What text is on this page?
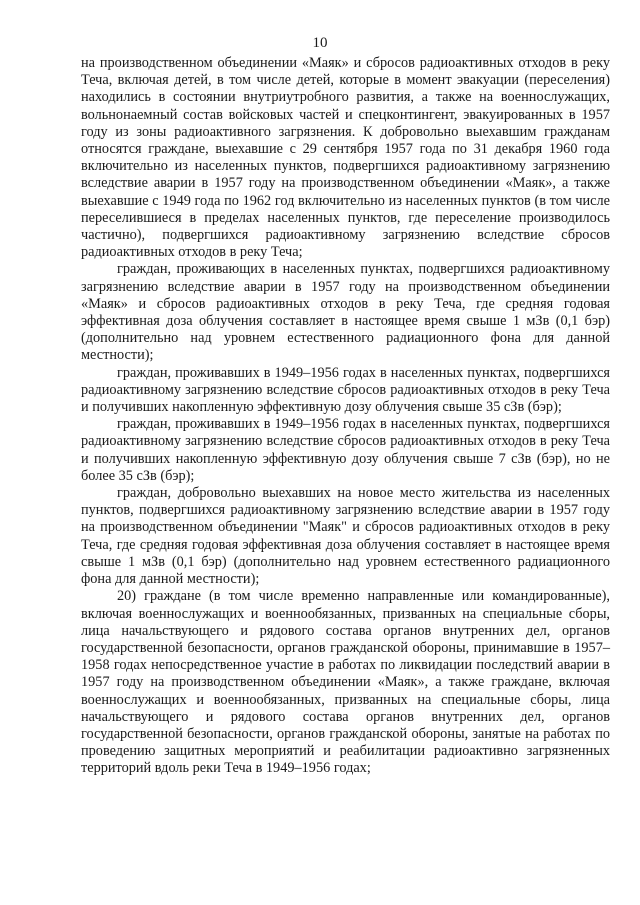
10

на производственном объединении «Маяк» и сбросов радиоактивных отходов в реку Теча, включая детей, в том числе детей, которые в момент эвакуации (переселения) находились в состоянии внутриутробного развития, а также на военнослужащих, вольнонаемный состав войсковых частей и спецконтингент, эвакуированных в 1957 году из зоны радиоактивного загрязнения. К добровольно выехавшим гражданам относятся граждане, выехавшие с 29 сентября 1957 года по 31 декабря 1960 года включительно из населенных пунктов, подвергшихся радиоактивному загрязнению вследствие аварии в 1957 году на производственном объединении «Маяк», а также выехавшие с 1949 года по 1962 год включительно из населенных пунктов (в том числе переселившиеся в пределах населенных пунктов, где переселение производилось частично), подвергшихся радиоактивному загрязнению вследствие сбросов радиоактивных отходов в реку Теча;

граждан, проживающих в населенных пунктах, подвергшихся радиоактивному загрязнению вследствие аварии в 1957 году на производственном объединении «Маяк» и сбросов радиоактивных отходов в реку Теча, где средняя годовая эффективная доза облучения составляет в настоящее время свыше 1 мЗв (0,1 бэр) (дополнительно над уровнем естественного радиационного фона для данной местности);

граждан, проживавших в 1949–1956 годах в населенных пунктах, подвергшихся радиоактивному загрязнению вследствие сбросов радиоактивных отходов в реку Теча и получивших накопленную эффективную дозу облучения свыше 35 сЗв (бэр);

граждан, проживавших в 1949–1956 годах в населенных пунктах, подвергшихся радиоактивному загрязнению вследствие сбросов радиоактивных отходов в реку Теча и получивших накопленную эффективную дозу облучения свыше 7 сЗв (бэр), но не более 35 сЗв (бэр);

граждан, добровольно выехавших на новое место жительства из населенных пунктов, подвергшихся радиоактивному загрязнению вследствие аварии в 1957 году на производственном объединении "Маяк" и сбросов радиоактивных отходов в реку Теча, где средняя годовая эффективная доза облучения составляет в настоящее время свыше 1 мЗв (0,1 бэр) (дополнительно над уровнем естественного радиационного фона для данной местности);

20) граждане (в том числе временно направленные или командированные), включая военнослужащих и военнообязанных, призванных на специальные сборы, лица начальствующего и рядового состава органов внутренних дел, органов государственной безопасности, органов гражданской обороны, принимавшие в 1957–1958 годах непосредственное участие в работах по ликвидации последствий аварии в 1957 году на производственном объединении «Маяк», а также граждане, включая военнослужащих и военнообязанных, призванных на специальные сборы, лица начальствующего и рядового состава органов внутренних дел, органов государственной безопасности, органов гражданской обороны, занятые на работах по проведению защитных мероприятий и реабилитации радиоактивно загрязненных территорий вдоль реки Теча в 1949–1956 годах;
